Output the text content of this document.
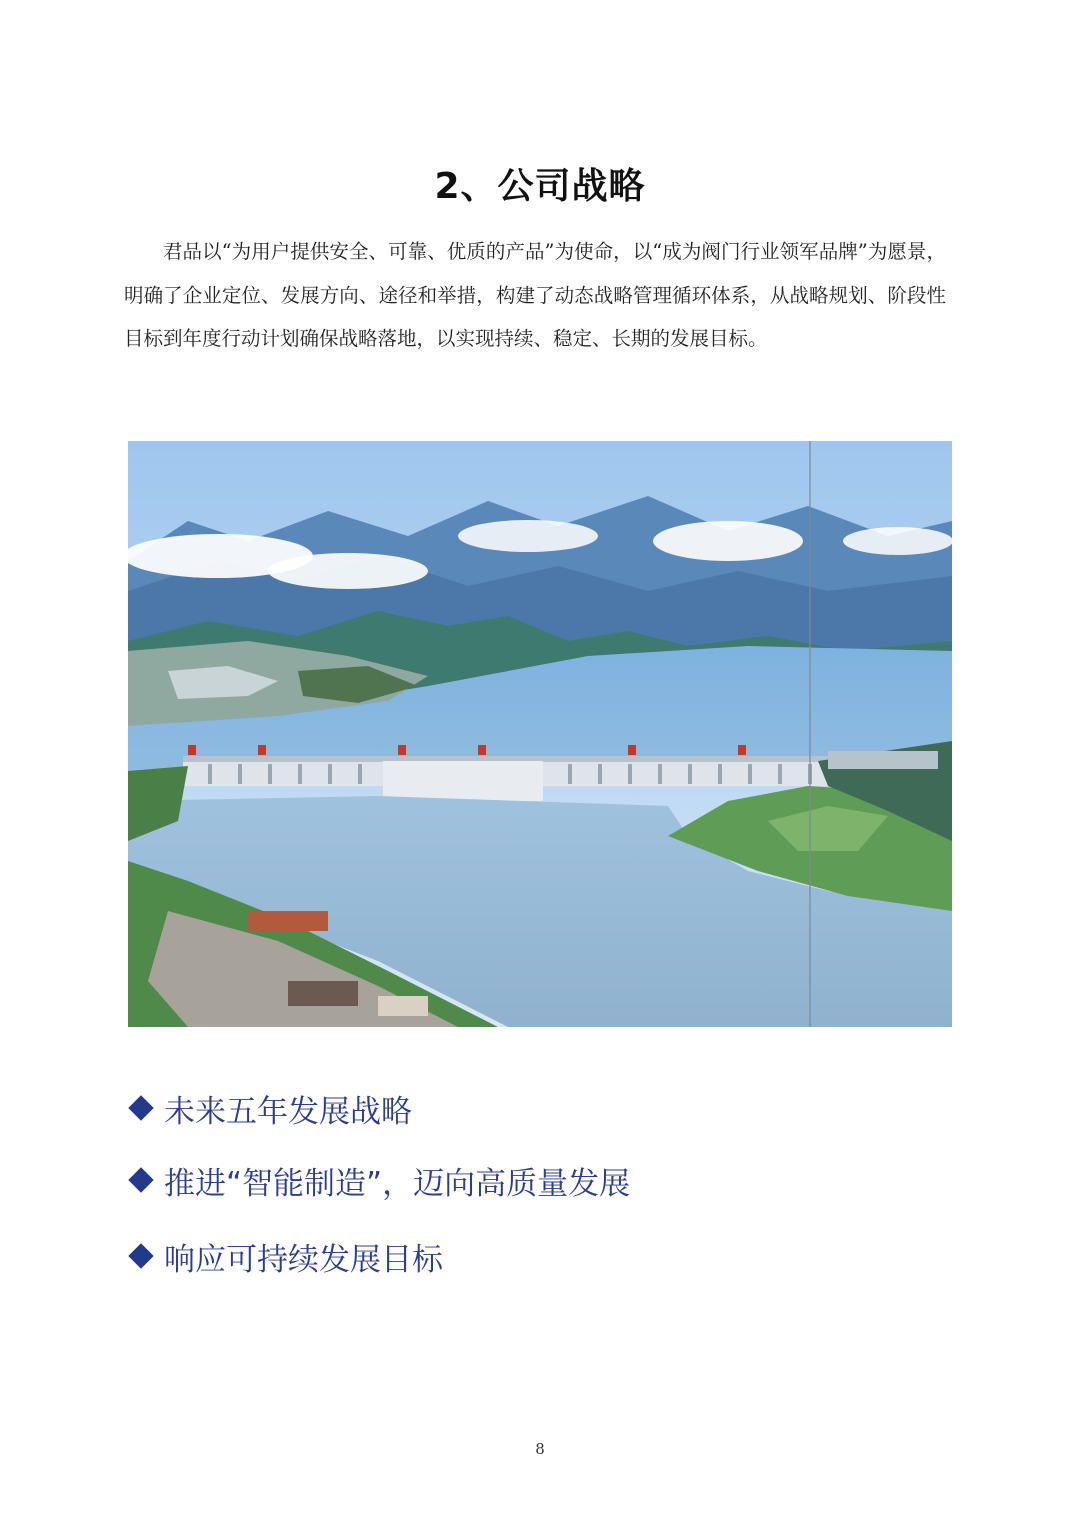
2、公司战略

君品以“为用户提供安全、可靠、优质的产品”为使命，以“成为阀门行业领军品牌”为愿景，明确了企业定位、发展方向、途径和举措，构建了动态战略管理循环体系，从战略规划、阶段性目标到年度行动计划确保战略落地，以实现持续、稳定、长期的发展目标。

未来五年发展战略
推进“智能制造”，迈向高质量发展
响应可持续发展目标
8
